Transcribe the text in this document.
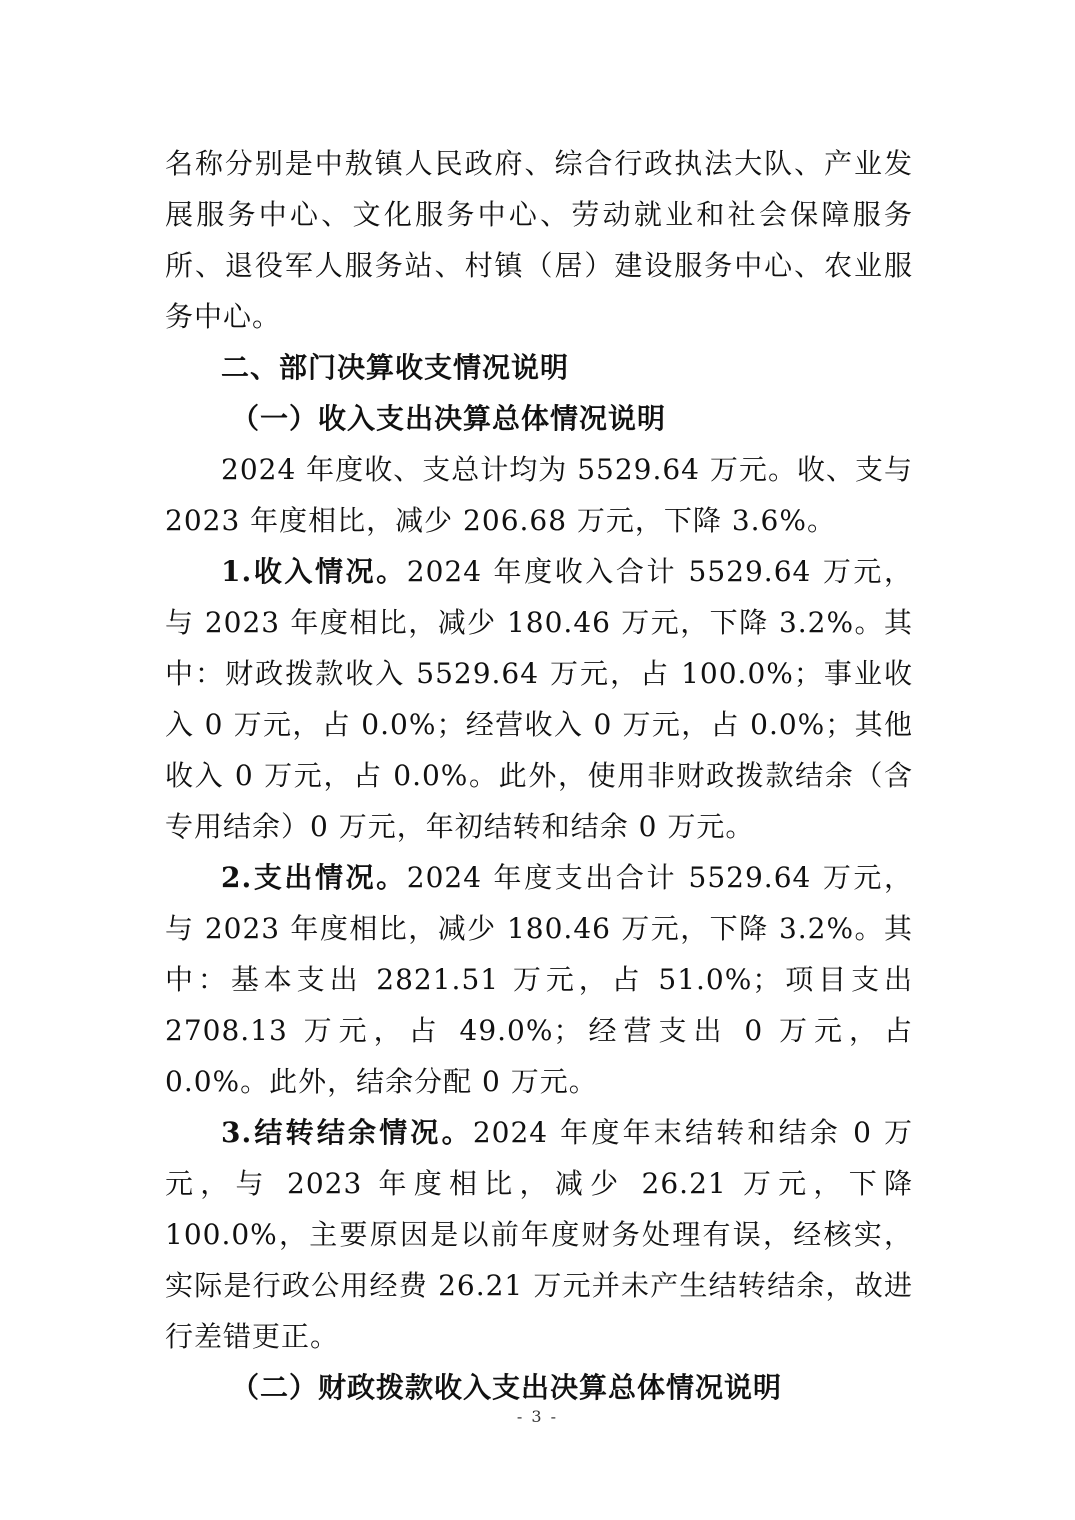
名称分别是中敖镇人民政府、综合行政执法大队、产业发展服务中心、文化服务中心、劳动就业和社会保障服务所、退役军人服务站、村镇（居）建设服务中心、农业服务中心。

二、部门决算收支情况说明

（一）收入支出决算总体情况说明

2024 年度收、支总计均为 5529.64 万元。收、支与 2023 年度相比，减少 206.68 万元，下降 3.6%。

1.收入情况。2024 年度收入合计 5529.64 万元，与 2023 年度相比，减少 180.46 万元，下降 3.2%。其中：财政拨款收入 5529.64 万元，占 100.0%；事业收入 0 万元，占 0.0%；经营收入 0 万元，占 0.0%；其他收入 0 万元，占 0.0%。此外，使用非财政拨款结余（含专用结余）0 万元，年初结转和结余 0 万元。

2.支出情况。2024 年度支出合计 5529.64 万元，与 2023 年度相比，减少 180.46 万元，下降 3.2%。其中：基本支出 2821.51 万元，占 51.0%；项目支出 2708.13 万元，占 49.0%；经营支出 0 万元，占 0.0%。此外，结余分配 0 万元。

3.结转结余情况。2024 年度年末结转和结余 0 万元，与 2023 年度相比，减少 26.21 万元，下降 100.0%，主要原因是以前年度财务处理有误，经核实，实际是行政公用经费 26.21 万元并未产生结转结余，故进行差错更正。

（二）财政拨款收入支出决算总体情况说明

- 3 -
